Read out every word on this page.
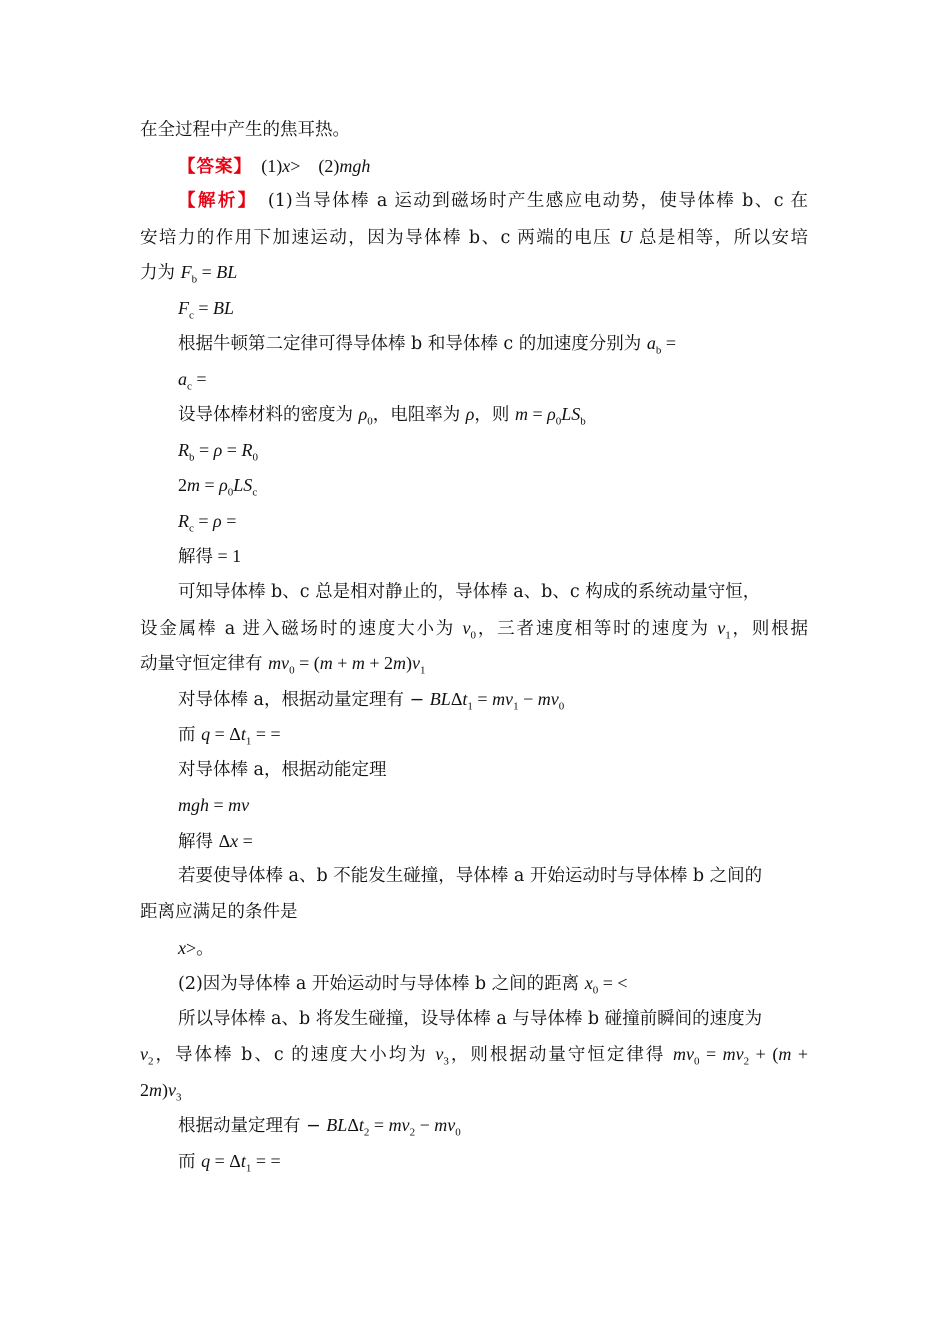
在全过程中产生的焦耳热。
【答案】　(1)x>　(2)mgh
【解析】　(1)当导体棒 a 运动到磁场时产生感应电动势，使导体棒 b、c 在
安培力的作用下加速运动，因为导体棒 b、c 两端的电压 U 总是相等，所以安培
力为 $F_b$ = BL
$F_c$ = BL
根据牛顿第二定律可得导体棒 b 和导体棒 c 的加速度分别为 $a_b$ =
$a_c$ =
设导体棒材料的密度为 $\rho_0$，电阻率为 ρ，则 $m = \rho_0LS_b$
$R_b = \rho = R_0$
$2m = \rho_0LS_c$
$R_c = \rho$ =
解得 = 1
可知导体棒 b、c 总是相对静止的，导体棒 a、b、c 构成的系统动量守恒，
设金属棒 a 进入磁场时的速度大小为 $v_0$，三者速度相等时的速度为 $v_1$，则根据
动量守恒定律有 $mv_0 = (m + m + 2m)v_1$
对导体棒 a，根据动量定理有 − $BL\Delta t_1 = mv_1 - mv_0$
而 $q = \Delta t_1$ = =
对导体棒 a，根据动能定理
mgh = mv
解得 Δx =
若要使导体棒 a、b 不能发生碰撞，导体棒 a 开始运动时与导体棒 b 之间的
距离应满足的条件是
x>。
(2)因为导体棒 a 开始运动时与导体棒 b 之间的距离 $x_0$ = <
所以导体棒 a、b 将发生碰撞，设导体棒 a 与导体棒 b 碰撞前瞬间的速度为
$v_2$，导体棒 b、c 的速度大小均为 $v_3$，则根据动量守恒定律得 $mv_0 = mv_2 + (m$ +
$2m)v_3$
根据动量定理有 − $BL\Delta t_2 = mv_2 - mv_0$
而 $q = \Delta t_1$ = =
